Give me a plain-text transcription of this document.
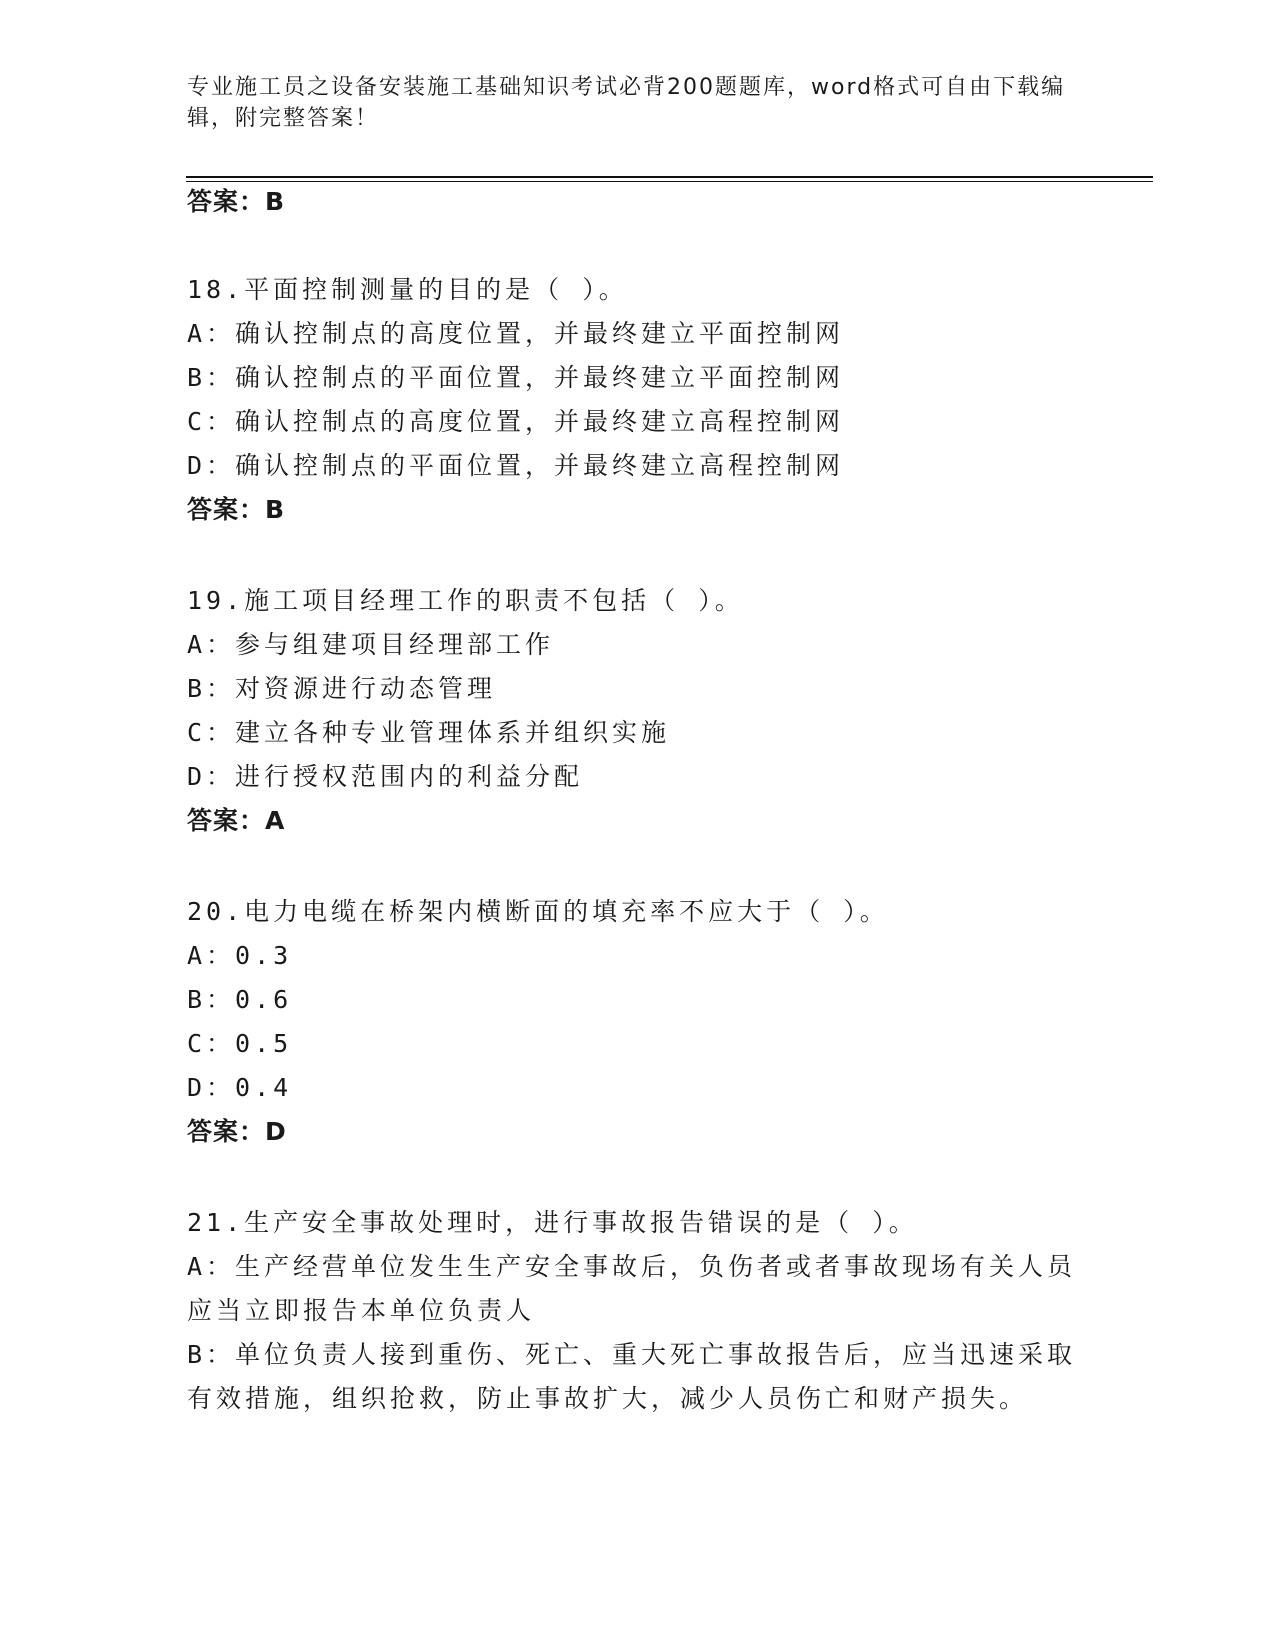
专业施工员之设备安装施工基础知识考试必背200题题库，word格式可自由下载编辑，附完整答案！
答案：B
18.平面控制测量的目的是（ ）。
A：确认控制点的高度位置，并最终建立平面控制网
B：确认控制点的平面位置，并最终建立平面控制网
C：确认控制点的高度位置，并最终建立高程控制网
D：确认控制点的平面位置，并最终建立高程控制网
答案：B
19.施工项目经理工作的职责不包括（ ）。
A：参与组建项目经理部工作
B：对资源进行动态管理
C：建立各种专业管理体系并组织实施
D：进行授权范围内的利益分配
答案：A
20.电力电缆在桥架内横断面的填充率不应大于（ ）。
A：0.3
B：0.6
C：0.5
D：0.4
答案：D
21.生产安全事故处理时，进行事故报告错误的是（ ）。
A：生产经营单位发生生产安全事故后，负伤者或者事故现场有关人员
应当立即报告本单位负责人
B：单位负责人接到重伤、死亡、重大死亡事故报告后，应当迅速采取
有效措施，组织抢救，防止事故扩大，减少人员伤亡和财产损失。
